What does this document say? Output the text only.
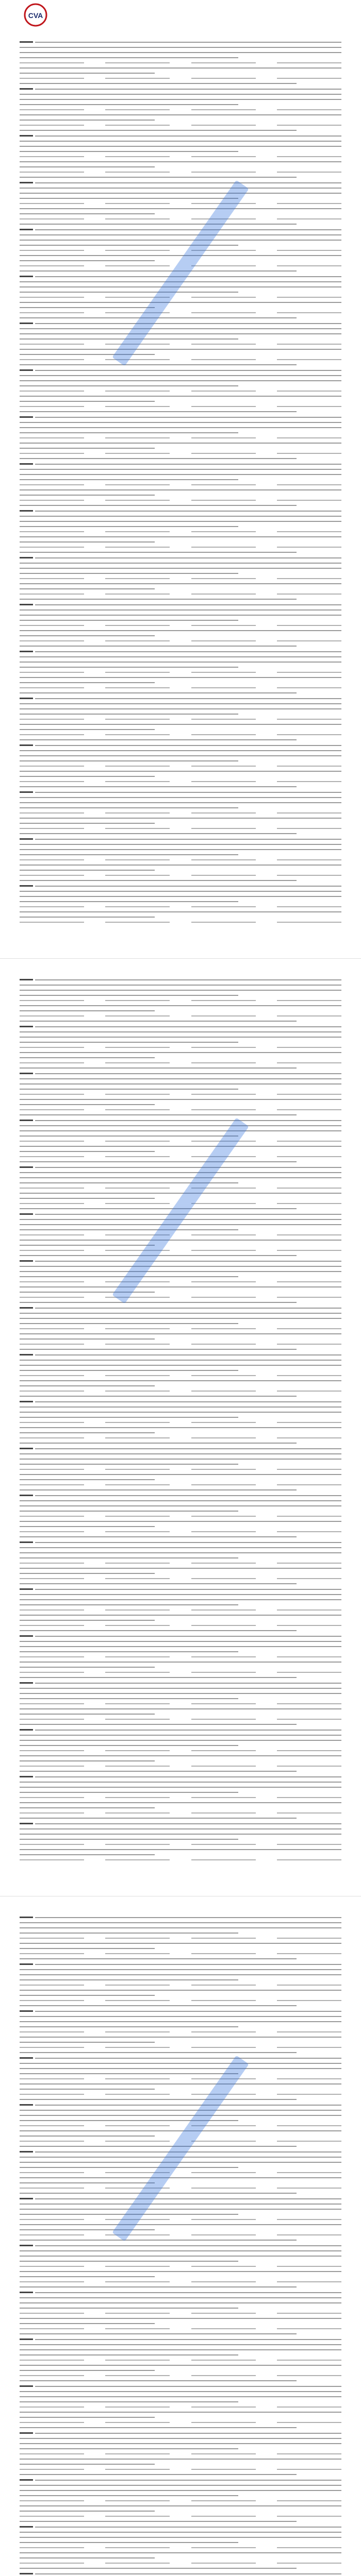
CVA
